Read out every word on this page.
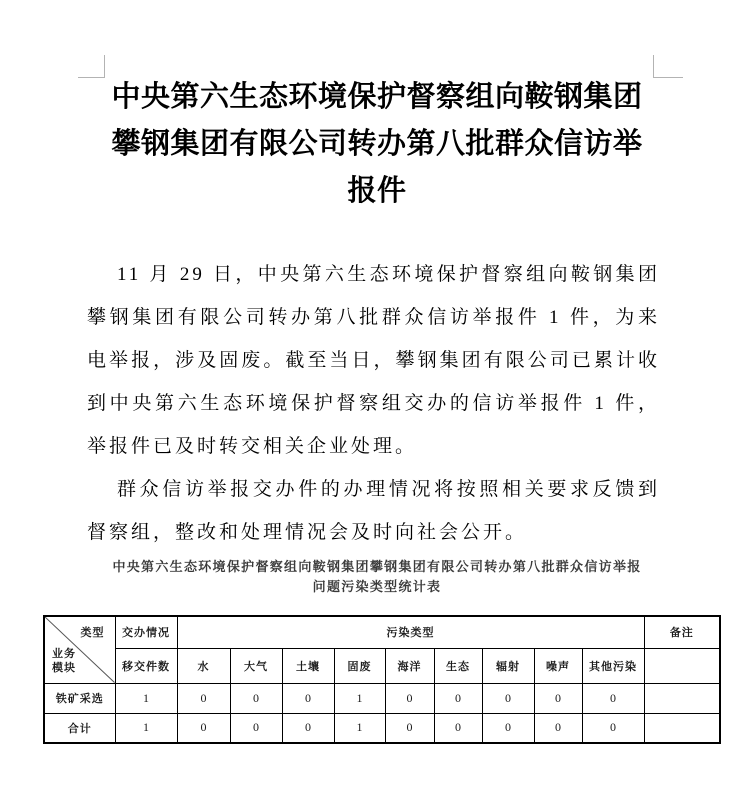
中央第六生态环境保护督察组向鞍钢集团攀钢集团有限公司转办第八批群众信访举报件

11 月 29 日，中央第六生态环境保护督察组向鞍钢集团攀钢集团有限公司转办第八批群众信访举报件 1 件，为来电举报，涉及固废。截至当日，攀钢集团有限公司已累计收到中央第六生态环境保护督察组交办的信访举报件 1 件，举报件已及时转交相关企业处理。

群众信访举报交办件的办理情况将按照相关要求反馈到督察组，整改和处理情况会及时向社会公开。

中央第六生态环境保护督察组向鞍钢集团攀钢集团有限公司转办第八批群众信访举报问题污染类型统计表
类型
业务模块	交办情况	污染类型									备注
	移交件数	水	大气	土壤	固废	海洋	生态	辐射	噪声	其他污染	
铁矿采选	1	0	0	0	1	0	0	0	0	0	
合计	1	0	0	0	1	0	0	0	0	0	
